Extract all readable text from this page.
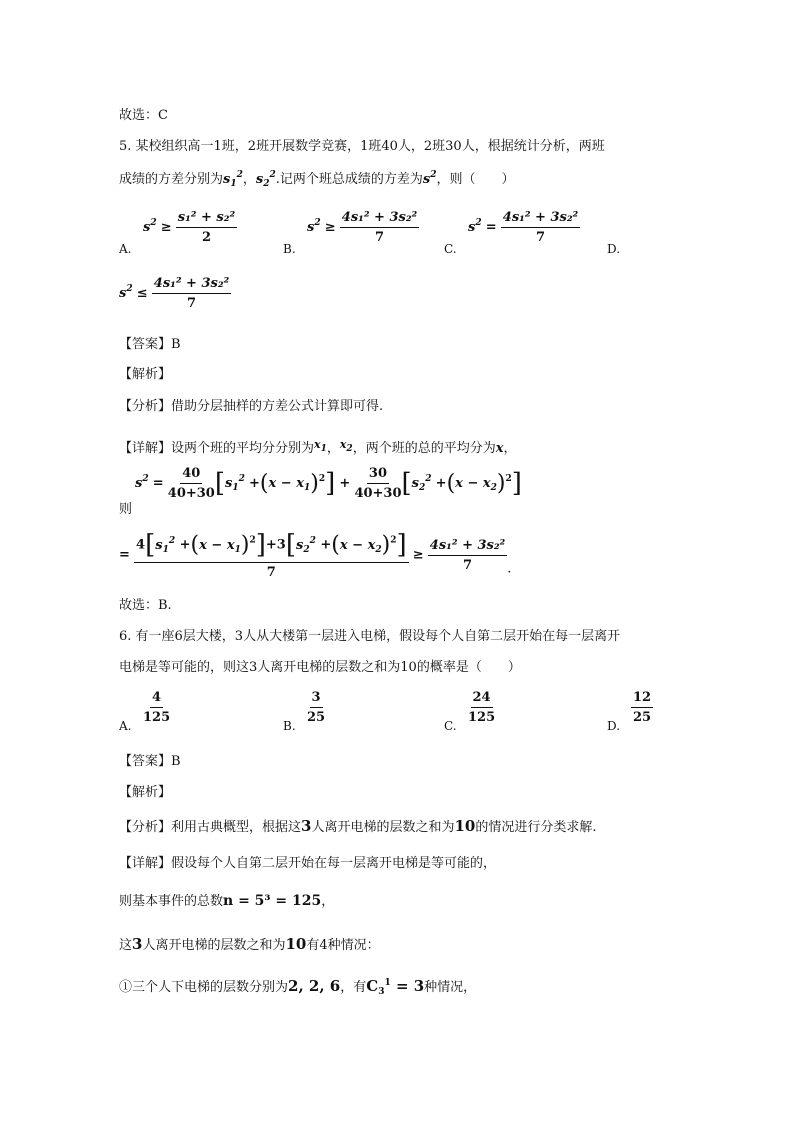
故选：C
5. 某校组织高一1班，2班开展数学竞赛，1班40人，2班30人，根据统计分析，两班
成绩的方差分别为$s_1^2$，$s_2^2$.记两个班总成绩的方差为$s^2$，则（　　）
A.
$s^2 \ge \frac{\text{s₁² + s₂²}}{2}$
B.
$s^2 \ge \frac{\text{4s₁² + 3s₂²}}{7}$
C.
$s^2 = \frac{\text{4s₁² + 3s₂²}}{7}$
D.
$s^2 \le \frac{\text{4s₁² + 3s₂²}}{7}$
【答案】B
【解析】
【分析】借助分层抽样的方差公式计算即可得.
【详解】设两个班的平均分分别为$^{x_1}$，$^{x_2}$，两个班的总的平均分为x，
则
$s^2 = \frac{40}{40+30} [s_1^2 +(x - x_1)^2] + \frac{30}{40+30} [s_2^2 +(x - x_2)^2]$
= $\frac{4[s_1^2 +(x - x_1)^2]+3[s_2^2 +(x - x_2)^2]}{7} \ge \frac{\text{4s₁² + 3s₂²}}{7}$ .
故选：B.
6. 有一座6层大楼，3人从大楼第一层进入电梯，假设每个人自第二层开始在每一层离开
电梯是等可能的，则这3人离开电梯的层数之和为10的概率是（　　）
A.
$\frac{4}{125}$
B.
$\frac{3}{25}$
C.
$\frac{24}{125}$
D.
$\frac{12}{25}$
【答案】B
【解析】
【分析】利用古典概型，根据这3人离开电梯的层数之和为10的情况进行分类求解.
【详解】假设每个人自第二层开始在每一层离开电梯是等可能的，
则基本事件的总数n = 5³ = 125，
这3人离开电梯的层数之和为10有4种情况：
①三个人下电梯的层数分别为2, 2, 6，有$C_3^1 = 3$种情况，
